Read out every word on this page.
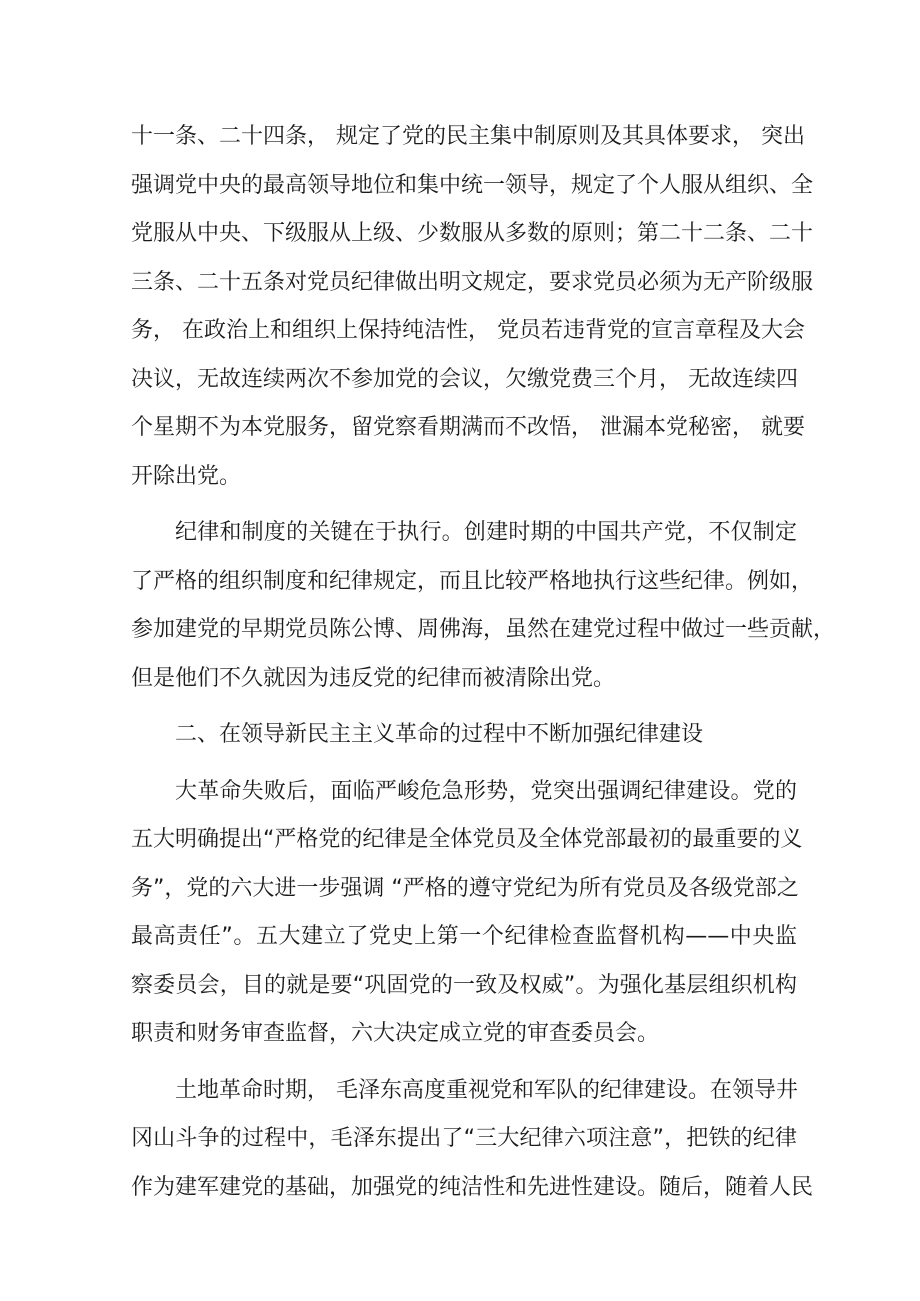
十一条、二十四条， 规定了党的民主集中制原则及其具体要求， 突出
强调党中央的最高领导地位和集中统一领导，规定了个人服从组织、全
党服从中央、下级服从上级、少数服从多数的原则；第二十二条、二十
三条、二十五条对党员纪律做出明文规定，要求党员必须为无产阶级服
务， 在政治上和组织上保持纯洁性， 党员若违背党的宣言章程及大会
决议，无故连续两次不参加党的会议，欠缴党费三个月， 无故连续四
个星期不为本党服务，留党察看期满而不改悟， 泄漏本党秘密， 就要
开除出党。
纪律和制度的关键在于执行。创建时期的中国共产党，不仅制定
了严格的组织制度和纪律规定，而且比较严格地执行这些纪律。例如，
参加建党的早期党员陈公博、周佛海，虽然在建党过程中做过一些贡献，
但是他们不久就因为违反党的纪律而被清除出党。
二、在领导新民主主义革命的过程中不断加强纪律建设
大革命失败后，面临严峻危急形势，党突出强调纪律建设。党的
五大明确提出“严格党的纪律是全体党员及全体党部最初的最重要的义
务”，党的六大进一步强调 “严格的遵守党纪为所有党员及各级党部之
最高责任”。五大建立了党史上第一个纪律检查监督机构——中央监
察委员会，目的就是要“巩固党的一致及权威”。为强化基层组织机构
职责和财务审查监督，六大决定成立党的审查委员会。
土地革命时期， 毛泽东高度重视党和军队的纪律建设。在领导井
冈山斗争的过程中，毛泽东提出了“三大纪律六项注意”，把铁的纪律
作为建军建党的基础，加强党的纯洁性和先进性建设。随后，随着人民
